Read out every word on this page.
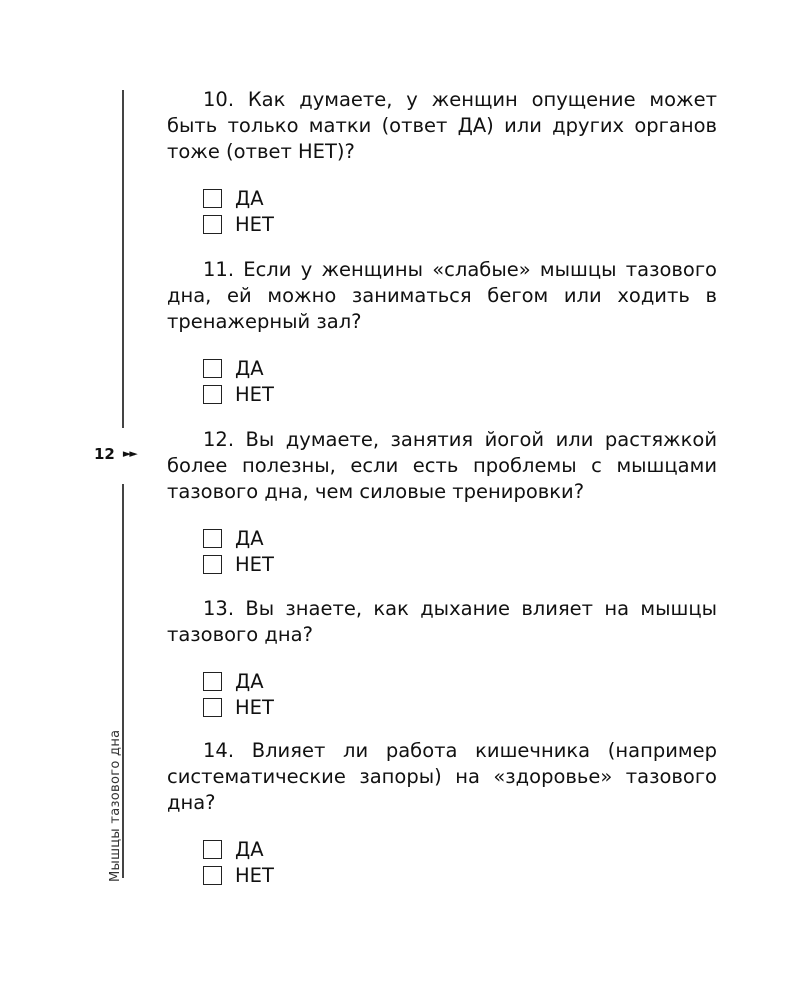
12 ►►
Мышцы тазового дна

10. Как думаете, у женщин опущение может быть только матки (ответ ДА) или других органов тоже (ответ НЕТ)?

ДА
НЕТ

11. Если у женщины «слабые» мышцы тазового дна, ей можно заниматься бегом или ходить в тренажерный зал?

ДА
НЕТ

12. Вы думаете, занятия йогой или растяжкой более полезны, если есть проблемы с мышцами тазового дна, чем силовые тренировки?

ДА
НЕТ

13. Вы знаете, как дыхание влияет на мышцы тазового дна?

ДА
НЕТ

14. Влияет ли работа кишечника (например систематические запоры) на «здоровье» тазового дна?

ДА
НЕТ
